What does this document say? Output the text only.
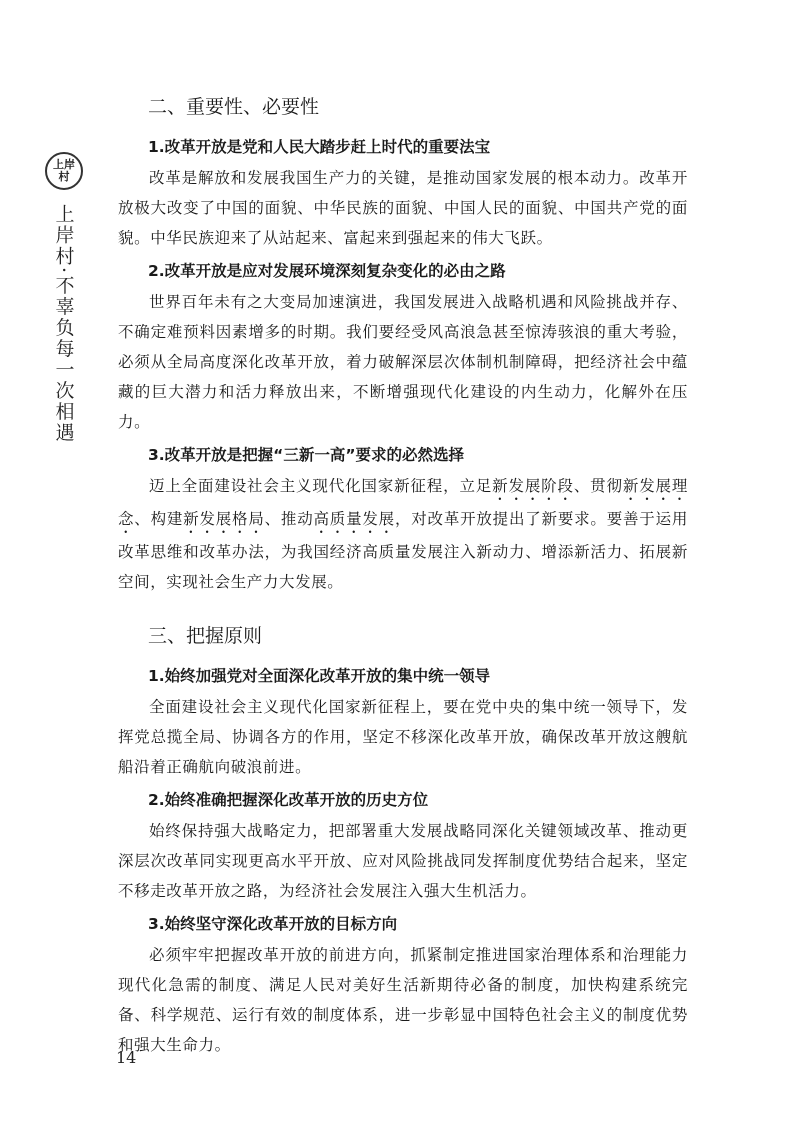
上岸
村
上岸村·不辜负每一次相遇
二、重要性、必要性
1.改革开放是党和人民大踏步赶上时代的重要法宝

改革是解放和发展我国生产力的关键，是推动国家发展的根本动力。改革开放极大改变了中国的面貌、中华民族的面貌、中国人民的面貌、中国共产党的面貌。中华民族迎来了从站起来、富起来到强起来的伟大飞跃。

2.改革开放是应对发展环境深刻复杂变化的必由之路

世界百年未有之大变局加速演进，我国发展进入战略机遇和风险挑战并存、不确定难预料因素增多的时期。我们要经受风高浪急甚至惊涛骇浪的重大考验，必须从全局高度深化改革开放，着力破解深层次体制机制障碍，把经济社会中蕴藏的巨大潜力和活力释放出来，不断增强现代化建设的内生动力，化解外在压力。

3.改革开放是把握“三新一高”要求的必然选择

迈上全面建设社会主义现代化国家新征程，立足新发展阶段、贯彻新发展理念、构建新发展格局、推动高质量发展，对改革开放提出了新要求。要善于运用改革思维和改革办法，为我国经济高质量发展注入新动力、增添新活力、拓展新空间，实现社会生产力大发展。

三、把握原则
1.始终加强党对全面深化改革开放的集中统一领导

全面建设社会主义现代化国家新征程上，要在党中央的集中统一领导下，发挥党总揽全局、协调各方的作用，坚定不移深化改革开放，确保改革开放这艘航船沿着正确航向破浪前进。

2.始终准确把握深化改革开放的历史方位

始终保持强大战略定力，把部署重大发展战略同深化关键领域改革、推动更深层次改革同实现更高水平开放、应对风险挑战同发挥制度优势结合起来，坚定不移走改革开放之路，为经济社会发展注入强大生机活力。

3.始终坚守深化改革开放的目标方向

必须牢牢把握改革开放的前进方向，抓紧制定推进国家治理体系和治理能力现代化急需的制度、满足人民对美好生活新期待必备的制度，加快构建系统完备、科学规范、运行有效的制度体系，进一步彰显中国特色社会主义的制度优势和强大生命力。

14
